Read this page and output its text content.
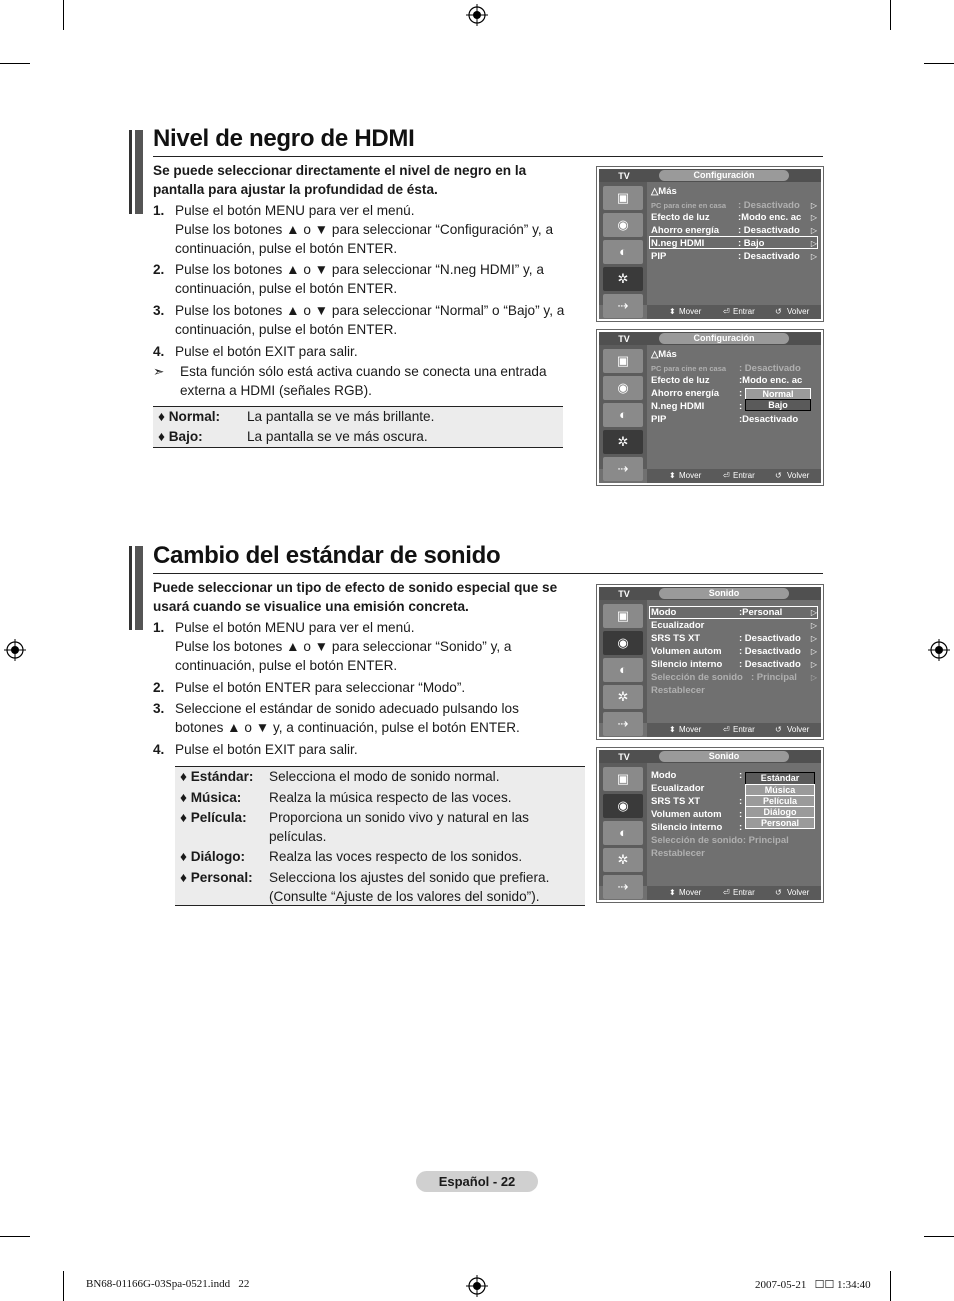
Nivel de negro de HDMI
Se puede seleccionar directamente el nivel de negro en la
pantalla para ajustar la profundidad de ésta.
1. Pulse el botón MENU para ver el menú.
Pulse los botones ▲ o ▼ para seleccionar “Configuración” y, a
continuación, pulse el botón ENTER.
2. Pulse los botones ▲ o ▼ para seleccionar “N.neg HDMI” y, a
continuación, pulse el botón ENTER.
3. Pulse los botones ▲ o ▼ para seleccionar “Normal” o “Bajo” y, a
continuación, pulse el botón ENTER.
4. Pulse el botón EXIT para salir.
➣ Esta función sólo está activa cuando se conecta una entrada
externa a HDMI (señales RGB).
♦ Normal: La pantalla se ve más brillante.
♦ Bajo:	La pantalla se ve más oscura.
TV	Configuración
▣
◉
◐
✲
⇢
△Más
PC para cine en casa : Desactivado
Efecto de luz	:Modo enc. ac
Ahorro energía : Desactivado
N.neg HDMI	: Bajo
PIP	: Desactivado
▷
▷
▷
▷
▷
⬍ Mover	⏎ Entrar	↺ Volver
TV	Configuración
▣
◉
◐
✲
⇢
△Más
PC para cine en casa : Desactivado
Efecto de luz	:Modo enc. ac
Ahorro energía :
N.neg HDMI	:
PIP	:Desactivado
Normal
Bajo
⬍ Mover	⏎ Entrar	↺ Volver
Cambio del estándar de sonido
Puede seleccionar un tipo de efecto de sonido especial que se
usará cuando se visualice una emisión concreta.
1. Pulse el botón MENU para ver el menú.
Pulse los botones ▲ o ▼ para seleccionar “Sonido” y, a
continuación, pulse el botón ENTER.
2. Pulse el botón ENTER para seleccionar “Modo”.
3. Seleccione el estándar de sonido adecuado pulsando los
botones ▲ o ▼ y, a continuación, pulse el botón ENTER.
4. Pulse el botón EXIT para salir.
♦ Estándar: Selecciona el modo de sonido normal.
♦ Música: Realza la música respecto de las voces.
♦ Película: Proporciona un sonido vivo y natural en las
películas.
♦ Diálogo: Realza las voces respecto de los sonidos.
♦ Personal: Selecciona los ajustes del sonido que prefiera.
(Consulte “Ajuste de los valores del sonido”).
TV	Sonido
▣
◉
◐
✲
⇢
Modo	:Personal
Ecualizador
SRS TS XT	: Desactivado
Volumen autom : Desactivado
Silencio interno : Desactivado
Selección de sonido : Principal
Restablecer
▷
▷
▷
▷
▷
▷
⬍ Mover	⏎ Entrar	↺ Volver
TV	Sonido
▣
◉
◐
✲
⇢
Modo	:
Ecualizador
SRS TS XT	:
Volumen autom :
Silencio interno :
Selección de sonido: Principal
Restablecer
Estándar
Música
Película
Diálogo
Personal
⬍ Mover	⏎ Entrar	↺ Volver
Español - 22
BN68-01166G-03Spa-0521.indd   22	2007-05-21   ☐☐ 1:34:40
